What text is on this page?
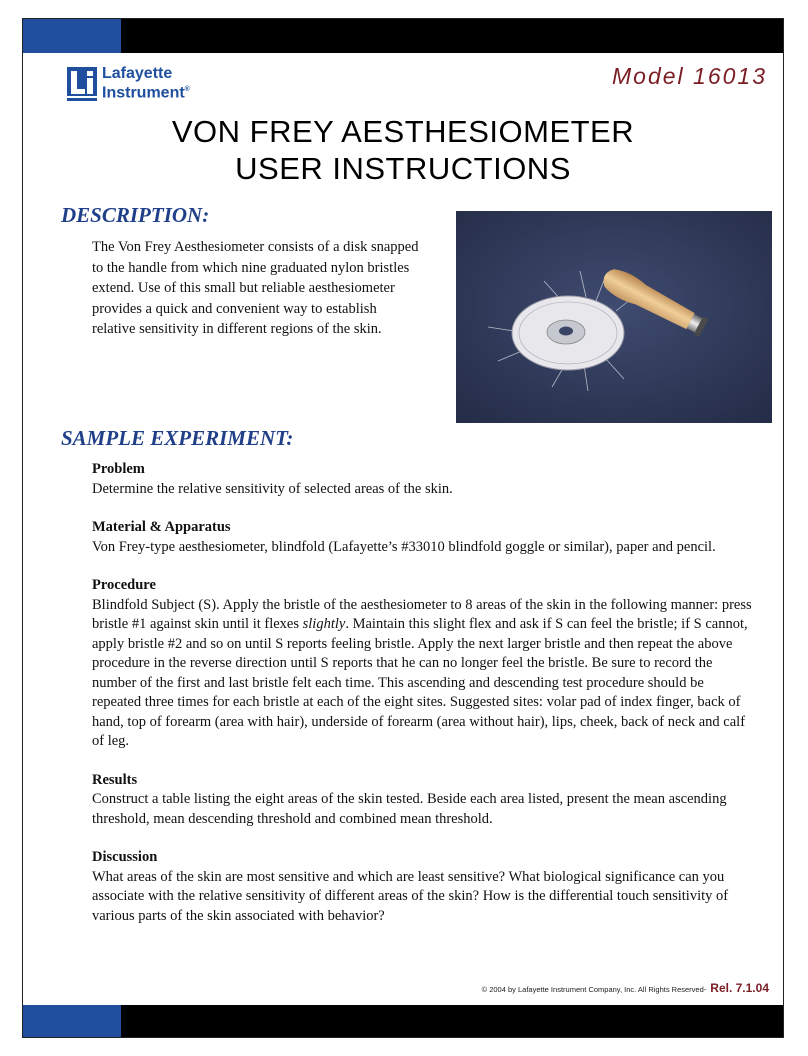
Lafayette
Instrument®
Model 16013
VON FREY AESTHESIOMETER
USER INSTRUCTIONS
DESCRIPTION:
The Von Frey Aesthesiometer consists of a disk snapped to the handle from which nine graduated nylon bristles extend. Use of this small but reliable aesthesiometer provides a quick and convenient way to establish relative sensitivity in different regions of the skin.
SAMPLE EXPERIMENT:
Problem

Determine the relative sensitivity of selected areas of the skin.

Material & Apparatus

Von Frey-type aesthesiometer, blindfold (Lafayette’s #33010 blindfold goggle or similar), paper and pencil.

Procedure

Blindfold Subject (S). Apply the bristle of the aesthesiometer to 8 areas of the skin in the following manner: press bristle #1 against skin until it flexes slightly. Maintain this slight flex and ask if S can feel the bristle; if S cannot, apply bristle #2 and so on until S reports feeling bristle. Apply the next larger bristle and then repeat the above procedure in the reverse direction until S reports that he can no longer feel the bristle. Be sure to record the number of the first and last bristle felt each time. This ascending and descending test procedure should be repeated three times for each bristle at each of the eight sites. Suggested sites: volar pad of index finger, back of hand, top of forearm (area with hair), underside of forearm (area without hair), lips, cheek, back of neck and calf of leg.

Results

Construct a table listing the eight areas of the skin tested. Beside each area listed, present the mean ascending threshold, mean descending threshold and combined mean threshold.

Discussion

What areas of the skin are most sensitive and which are least sensitive? What biological significance can you associate with the relative sensitivity of different areas of the skin? How is the differential touch sensitivity of various parts of the skin associated with behavior?

© 2004 by Lafayette Instrument Company, Inc. All Rights Reserved- Rel. 7.1.04
